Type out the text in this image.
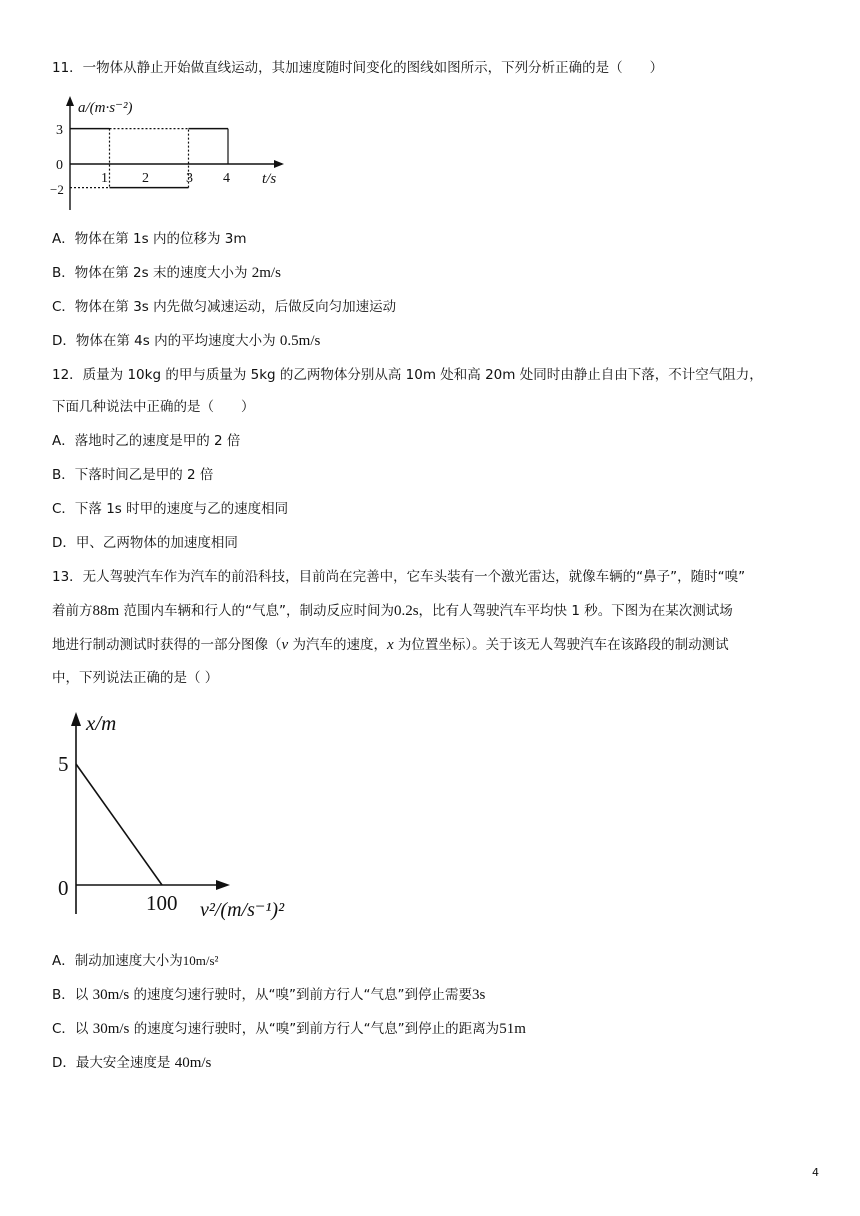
11．一物体从静止开始做直线运动，其加速度随时间变化的图线如图所示，下列分析正确的是（　　）
a/(m·s⁻²)
t/s
3
0
−2
1 2	3 4
A．物体在第 1s 内的位移为 3m
B．物体在第 2s 末的速度大小为 2m/s
C．物体在第 3s 内先做匀减速运动，后做反向匀加速运动
D．物体在第 4s 内的平均速度大小为 0.5m/s
12．质量为 10kg 的甲与质量为 5kg 的乙两物体分别从高 10m 处和高 20m 处同时由静止自由下落，不计空气阻力，
下面几种说法中正确的是（　　）
A．落地时乙的速度是甲的 2 倍
B．下落时间乙是甲的 2 倍
C．下落 1s 时甲的速度与乙的速度相同
D．甲、乙两物体的加速度相同
13．无人驾驶汽车作为汽车的前沿科技，目前尚在完善中，它车头装有一个激光雷达，就像车辆的“鼻子”，随时“嗅”
着前方88m 范围内车辆和行人的“气息”，制动反应时间为0.2s，比有人驾驶汽车平均快 1 秒。下图为在某次测试场
地进行制动测试时获得的一部分图像（v 为汽车的速度，x 为位置坐标）。关于该无人驾驶汽车在该路段的制动测试
中，下列说法正确的是（ ）
x/m
5
0
100 v²/(m/s⁻¹)²
A．制动加速度大小为10m/s²
B．以 30m/s 的速度匀速行驶时，从“嗅”到前方行人“气息”到停止需要3s
C．以 30m/s 的速度匀速行驶时，从“嗅”到前方行人“气息”到停止的距离为51m
D．最大安全速度是 40m/s
4
